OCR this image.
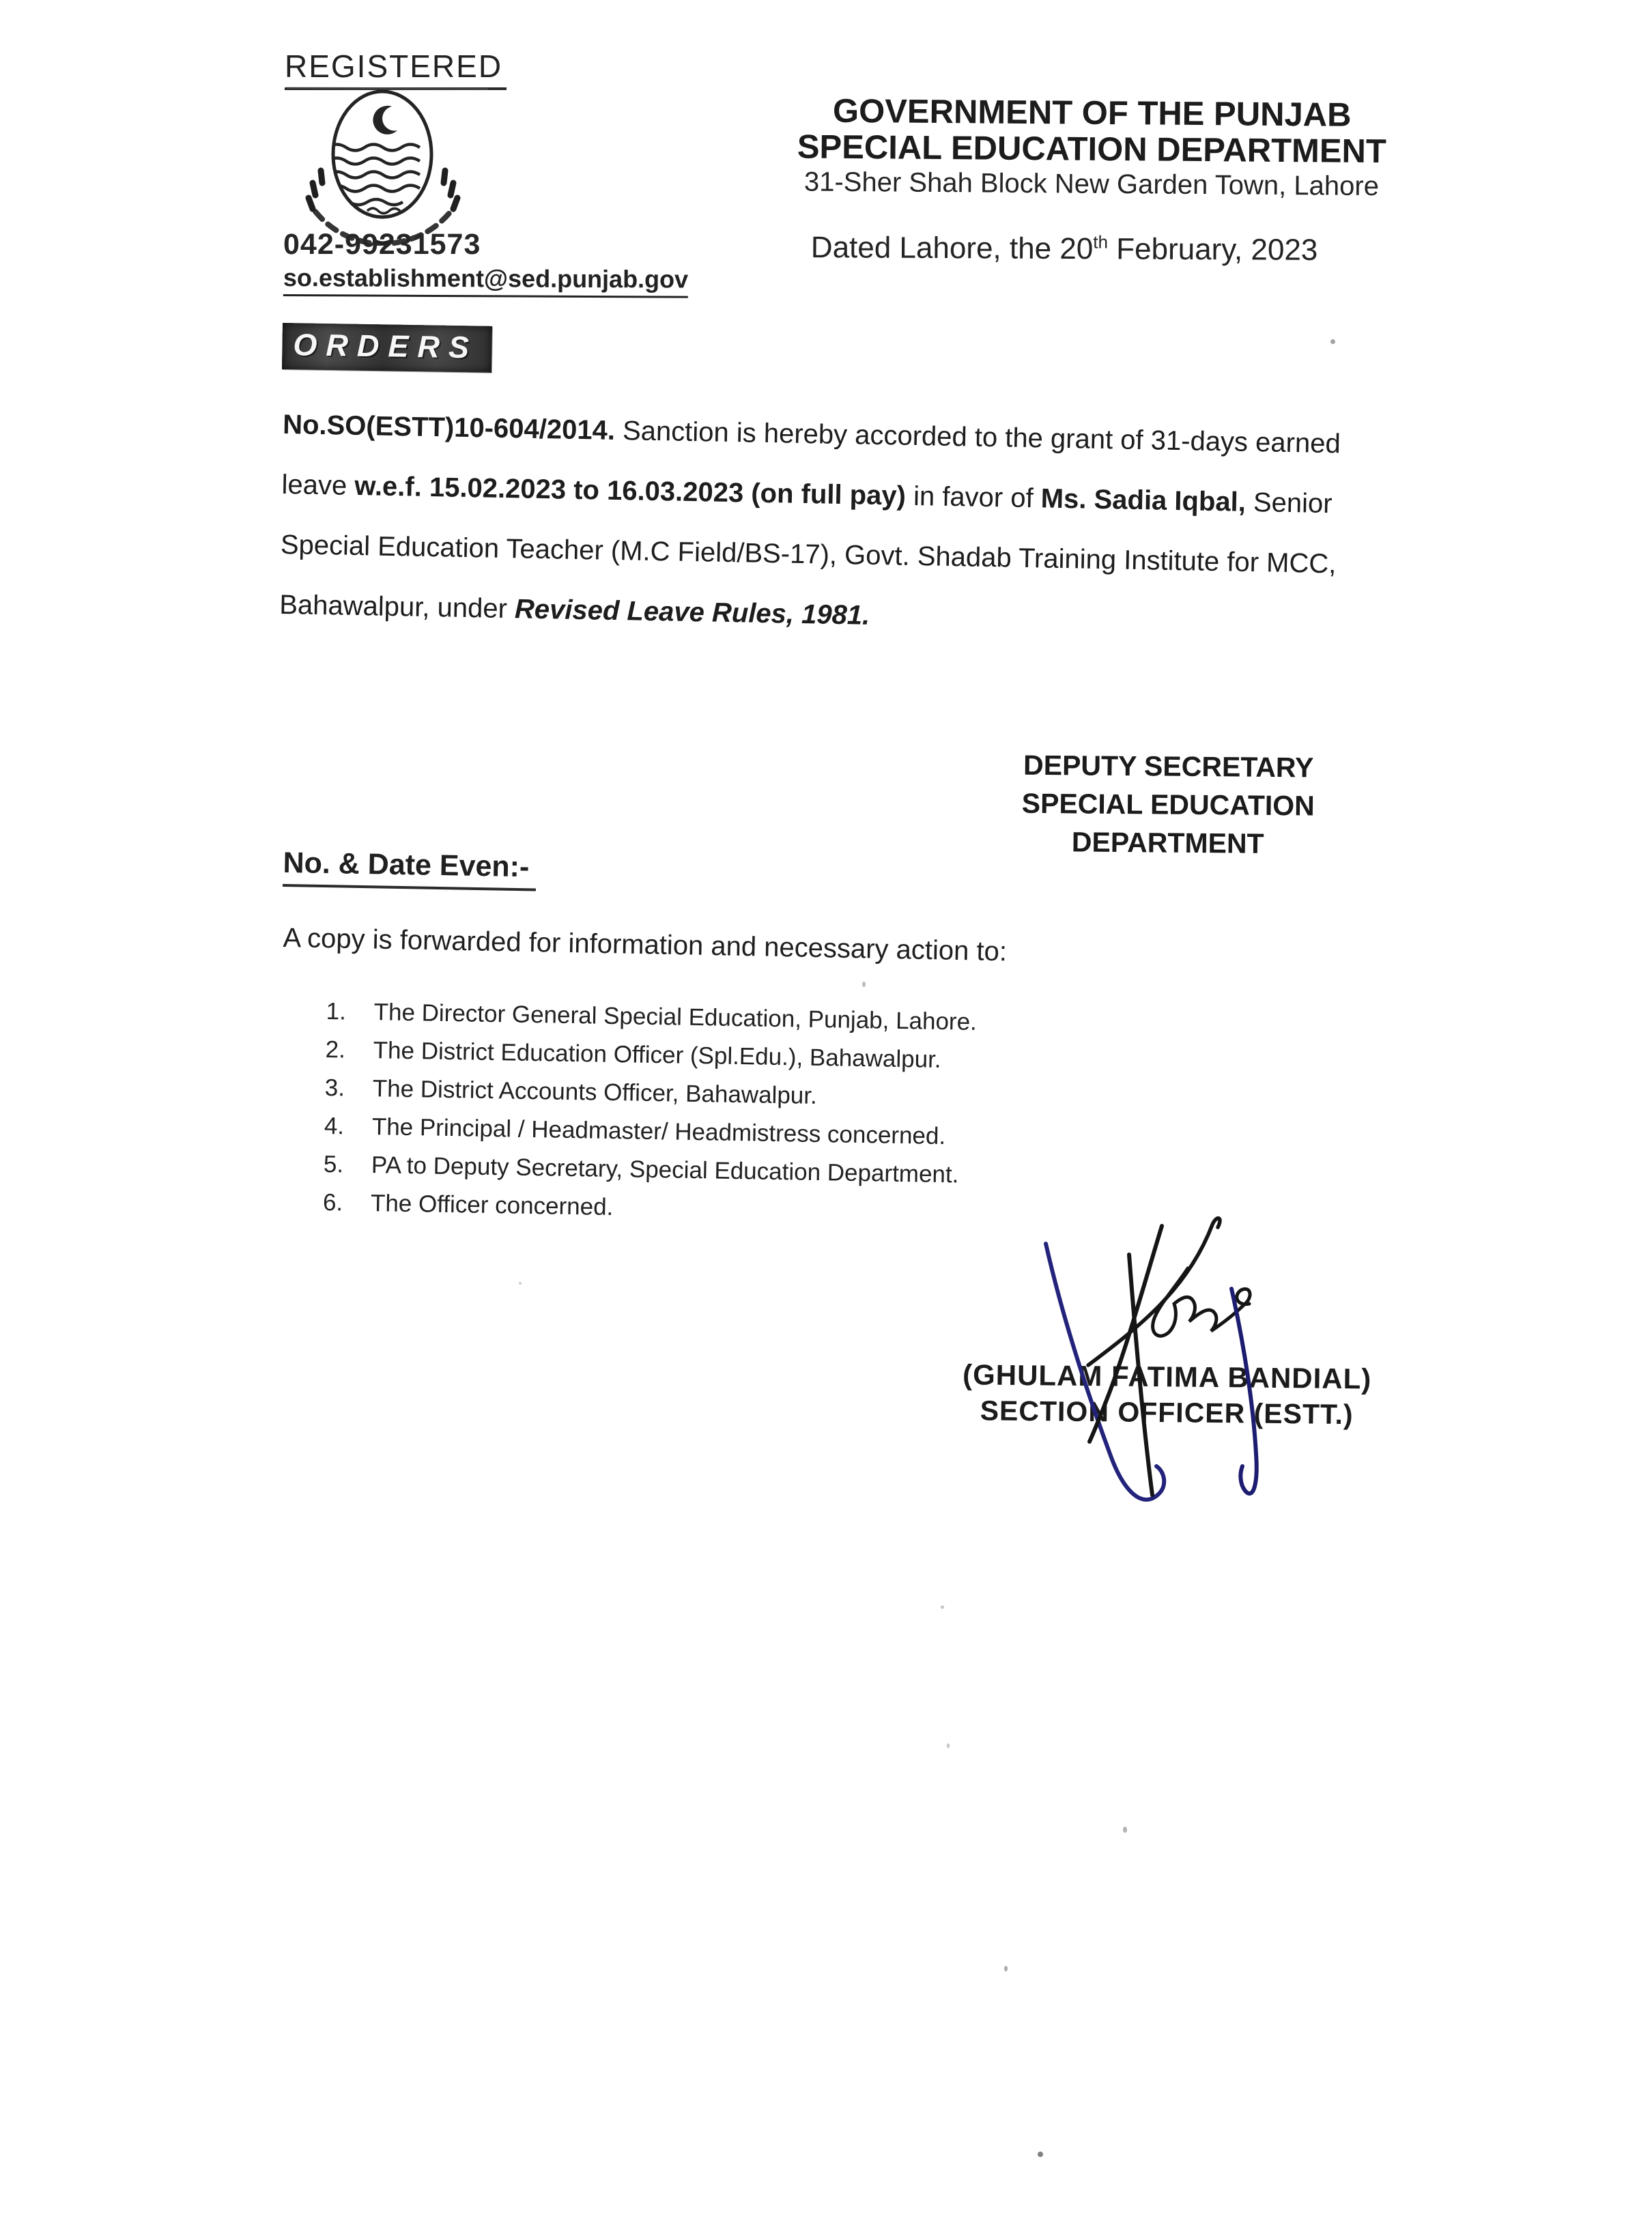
REGISTERED
042-99231573
so.establishment@sed.punjab.gov
GOVERNMENT OF THE PUNJAB
SPECIAL EDUCATION DEPARTMENT
31-Sher Shah Block New Garden Town, Lahore
Dated Lahore, the 20th February, 2023
ORDERS
No.SO(ESTT)10-604/2014. Sanction is hereby accorded to the grant of 31-days earned
leave w.e.f. 15.02.2023 to 16.03.2023 (on full pay) in favor of Ms. Sadia Iqbal, Senior
Special Education Teacher (M.C Field/BS-17), Govt. Shadab Training Institute for MCC,
Bahawalpur, under Revised Leave Rules, 1981.
DEPUTY SECRETARY
SPECIAL EDUCATION
DEPARTMENT
No. & Date Even:-
A copy is forwarded for information and necessary action to:
1.	The Director General Special Education, Punjab, Lahore.
2.	The District Education Officer (Spl.Edu.), Bahawalpur.
3.	The District Accounts Officer, Bahawalpur.
4.	The Principal / Headmaster/ Headmistress concerned.
5.	PA to Deputy Secretary, Special Education Department.
6.	The Officer concerned.
(GHULAM FATIMA BANDIAL)
SECTION OFFICER (ESTT.)
